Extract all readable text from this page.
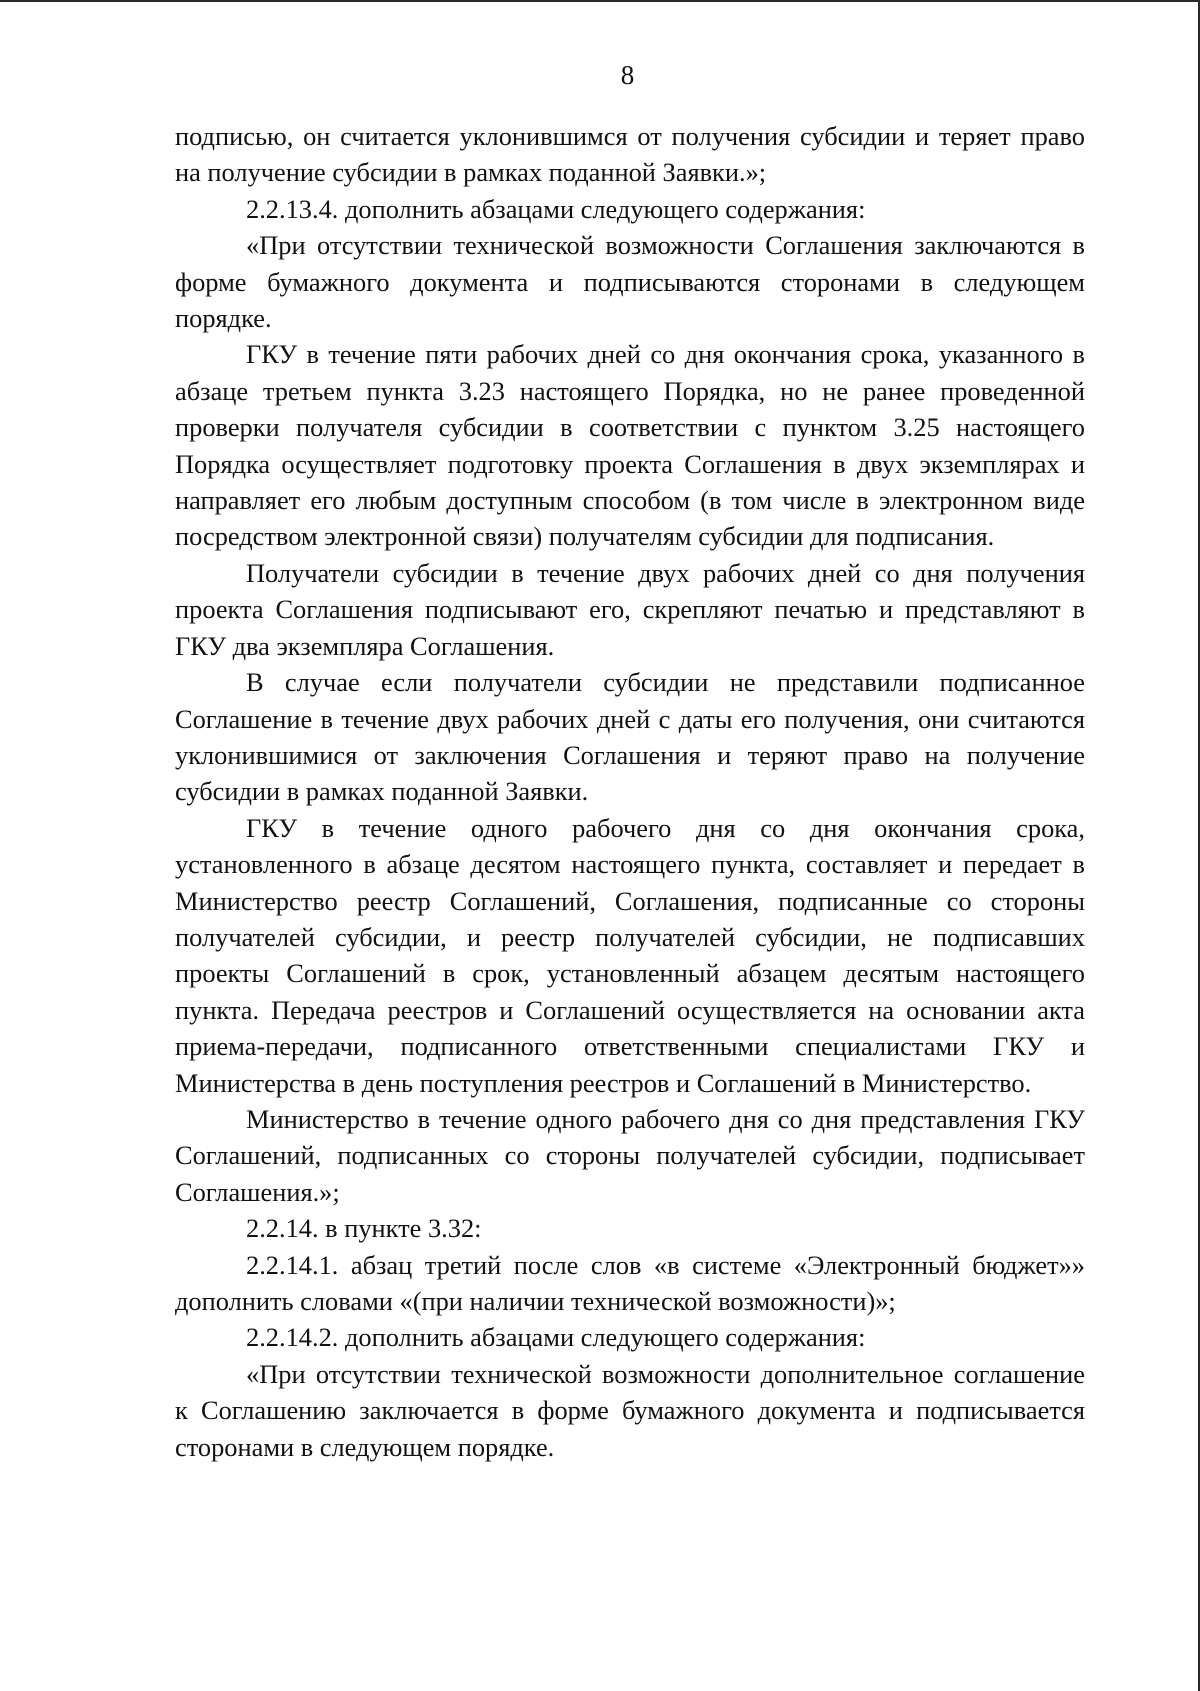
8

подписью, он считается уклонившимся от получения субсидии и теряет право на получение субсидии в рамках поданной Заявки.»;

2.2.13.4. дополнить абзацами следующего содержания:

«При отсутствии технической возможности Соглашения заключаются в форме бумажного документа и подписываются сторонами в следующем порядке.

ГКУ в течение пяти рабочих дней со дня окончания срока, указанного в абзаце третьем пункта 3.23 настоящего Порядка, но не ранее проведенной проверки получателя субсидии в соответствии с пунктом 3.25 настоящего Порядка осуществляет подготовку проекта Соглашения в двух экземплярах и направляет его любым доступным способом (в том числе в электронном виде посредством электронной связи) получателям субсидии для подписания.

Получатели субсидии в течение двух рабочих дней со дня получения проекта Соглашения подписывают его, скрепляют печатью и представляют в ГКУ два экземпляра Соглашения.

В случае если получатели субсидии не представили подписанное Соглашение в течение двух рабочих дней с даты его получения, они считаются уклонившимися от заключения Соглашения и теряют право на получение субсидии в рамках поданной Заявки.

ГКУ в течение одного рабочего дня со дня окончания срока, установленного в абзаце десятом настоящего пункта, составляет и передает в Министерство реестр Соглашений, Соглашения, подписанные со стороны получателей субсидии, и реестр получателей субсидии, не подписавших проекты Соглашений в срок, установленный абзацем десятым настоящего пункта. Передача реестров и Соглашений осуществляется на основании акта приема-передачи, подписанного ответственными специалистами ГКУ и Министерства в день поступления реестров и Соглашений в Министерство.

Министерство в течение одного рабочего дня со дня представления ГКУ Соглашений, подписанных со стороны получателей субсидии, подписывает Соглашения.»;

2.2.14. в пункте 3.32:

2.2.14.1. абзац третий после слов «в системе «Электронный бюджет»» дополнить словами «(при наличии технической возможности)»;

2.2.14.2. дополнить абзацами следующего содержания:

«При отсутствии технической возможности дополнительное соглашение к Соглашению заключается в форме бумажного документа и подписывается сторонами в следующем порядке.
